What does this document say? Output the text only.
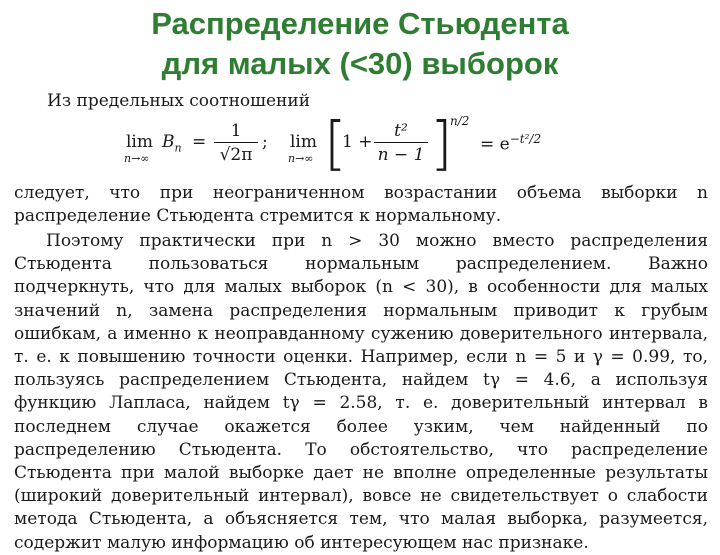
Распределение Стьюдента
для малых (<30) выборок
Из предельных соотношений
lim
n→∞
$B_n = \frac{1}{√2\pi}$ ; lim
n→∞ [
$1 + \frac{\text{t²}}{n - 1}$ ]
n/2
= $e^{-t^2/2}$
следует, что при неограниченном возрастании объема выборки n распределение Стьюдента стремится к нормальному.
Поэтому практически при n > 30 можно вместо распределения Стьюдента пользоваться нормальным распределением. Важно подчеркнуть, что для малых выборок (n < 30), в особенности для малых значений n, замена распределения нормальным приводит к грубым ошибкам, а именно к неоправданному сужению доверительного интервала, т. е. к повышению точности оценки. Например, если n = 5 и γ = 0.99, то, пользуясь распределением Стьюдента, найдем tγ = 4.6, а используя функцию Лапласа, найдем tγ = 2.58, т. е. доверительный интервал в последнем случае окажется более узким, чем найденный по распределению Стьюдента. То обстоятельство, что распределение Стьюдента при малой выборке дает не вполне определенные результаты (широкий доверительный интервал), вовсе не свидетельствует о слабости метода Стьюдента, а объясняется тем, что малая выборка, разумеется, содержит малую информацию об интересующем нас признаке.
